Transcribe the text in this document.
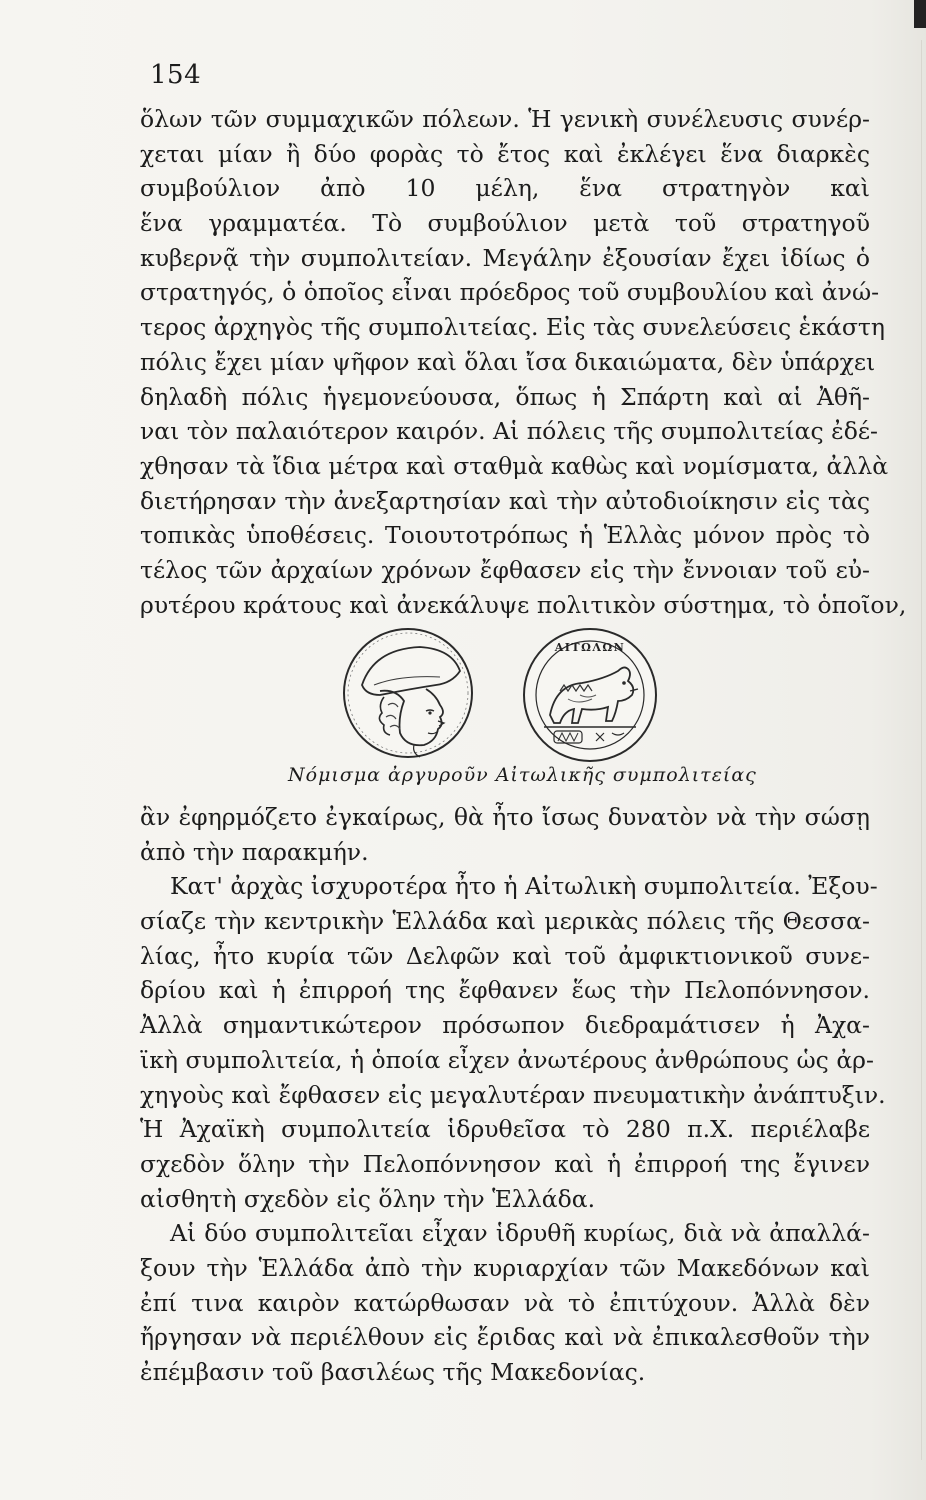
154
ὅλων τῶν συμμαχικῶν πόλεων. Ἡ γενικὴ συνέλευσις συνέρ-
χεται μίαν ἢ δύο φορὰς τὸ ἔτος καὶ ἐκλέγει ἕνα διαρκὲς
συμβούλιον ἀπὸ 10 μέλη, ἕνα στρατηγὸν καὶ
ἕνα γραμματέα. Τὸ συμβούλιον μετὰ τοῦ στρατηγοῦ
κυβερνᾷ τὴν συμπολιτείαν. Μεγάλην ἐξουσίαν ἔχει ἰδίως ὁ
στρατηγός, ὁ ὁποῖος εἶναι πρόεδρος τοῦ συμβουλίου καὶ ἀνώ-
τερος ἀρχηγὸς τῆς συμπολιτείας. Εἰς τὰς συνελεύσεις ἑκάστη
πόλις ἔχει μίαν ψῆφον καὶ ὅλαι ἴσα δικαιώματα, δὲν ὑπάρχει
δηλαδὴ πόλις ἡγεμονεύουσα, ὅπως ἡ Σπάρτη καὶ αἱ Ἀθῆ-
ναι τὸν παλαιότερον καιρόν. Αἱ πόλεις τῆς συμπολιτείας ἐδέ-
χθησαν τὰ ἴδια μέτρα καὶ σταθμὰ καθὼς καὶ νομίσματα, ἀλλὰ
διετήρησαν τὴν ἀνεξαρτησίαν καὶ τὴν αὐτοδιοίκησιν εἰς τὰς
τοπικὰς ὑποθέσεις. Τοιουτοτρόπως ἡ Ἑλλὰς μόνον πρὸς τὸ
τέλος τῶν ἀρχαίων χρόνων ἔφθασεν εἰς τὴν ἔννοιαν τοῦ εὐ-
ρυτέρου κράτους καὶ ἀνεκάλυψε πολιτικὸν σύστημα, τὸ ὁποῖον,
ΑΙΤΩΛΩΝ
Νόμισμα ἀργυροῦν Αἰτωλικῆς συμπολιτείας
ἂν ἐφηρμόζετο ἐγκαίρως, θὰ ἦτο ἴσως δυνατὸν νὰ τὴν σώσῃ
ἀπὸ τὴν παρακμήν.
Κατ' ἀρχὰς ἰσχυροτέρα ἦτο ἡ Αἰτωλικὴ συμπολιτεία. Ἐξου-
σίαζε τὴν κεντρικὴν Ἑλλάδα καὶ μερικὰς πόλεις τῆς Θεσσα-
λίας, ἦτο κυρία τῶν Δελφῶν καὶ τοῦ ἀμφικτιονικοῦ συνε-
δρίου καὶ ἡ ἐπιρροή της ἔφθανεν ἕως τὴν Πελοπόννησον.
Ἀλλὰ σημαντικώτερον πρόσωπον διεδραμάτισεν ἡ Ἀχα-
ϊκὴ συμπολιτεία, ἡ ὁποία εἶχεν ἀνωτέρους ἀνθρώπους ὡς ἀρ-
χηγοὺς καὶ ἔφθασεν εἰς μεγαλυτέραν πνευματικὴν ἀνάπτυξιν.
Ἡ Ἀχαϊκὴ συμπολιτεία ἱδρυθεῖσα τὸ 280 π.Χ. περιέλαβε
σχεδὸν ὅλην τὴν Πελοπόννησον καὶ ἡ ἐπιρροή της ἔγινεν
αἰσθητὴ σχεδὸν εἰς ὅλην τὴν Ἑλλάδα.
Αἱ δύο συμπολιτεῖαι εἶχαν ἱδρυθῆ κυρίως, διὰ νὰ ἀπαλλά-
ξουν τὴν Ἑλλάδα ἀπὸ τὴν κυριαρχίαν τῶν Μακεδόνων καὶ
ἐπί τινα καιρὸν κατώρθωσαν νὰ τὸ ἐπιτύχουν. Ἀλλὰ δὲν
ἤργησαν νὰ περιέλθουν εἰς ἔριδας καὶ νὰ ἐπικαλεσθοῦν τὴν
ἐπέμβασιν τοῦ βασιλέως τῆς Μακεδονίας.
